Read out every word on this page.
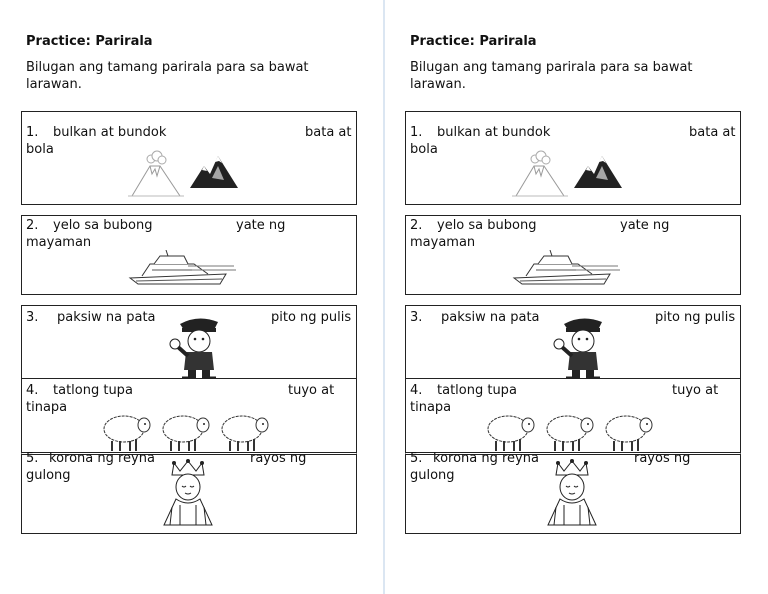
Practice: Parirala
Bilugan ang tamang parirala para sa bawat larawan.
1. bulkan at bundok	bata at
bola
2. yelo sa bubong	yate ng
mayaman
3. paksiw na pata	pito ng pulis
4. tatlong tupa	tuyo at
tinapa
5. korona ng reyna	rayos ng
gulong
Practice: Parirala
Bilugan ang tamang parirala para sa bawat larawan.
1. bulkan at bundok	bata at
bola
2. yelo sa bubong	yate ng
mayaman
3. paksiw na pata	pito ng pulis
4. tatlong tupa	tuyo at
tinapa
5. korona ng reyna	rayos ng
gulong
